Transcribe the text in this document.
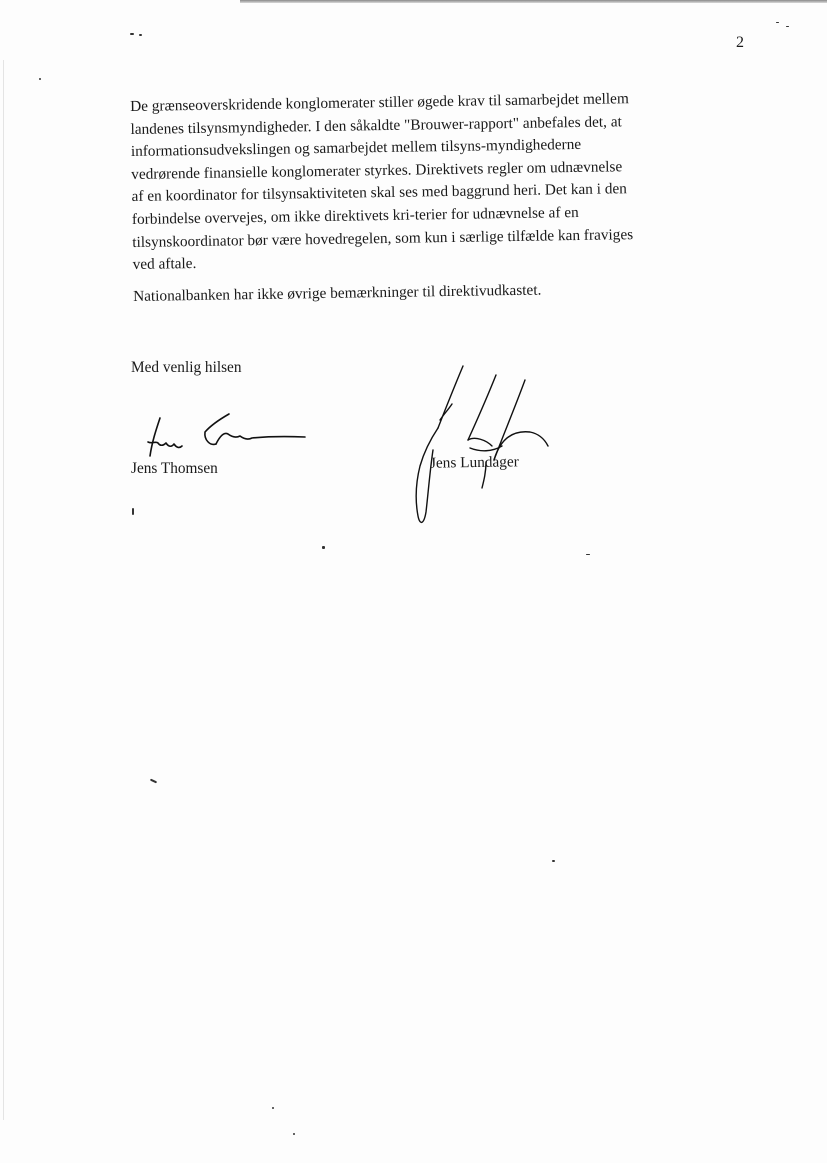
2

De grænseoverskridende konglomerater stiller øgede krav til samarbejdet mellem landenes tilsynsmyndigheder. I den såkaldte "Brouwer-rapport" anbefales det, at informationsudvekslingen og samarbejdet mellem tilsyns-myndighederne vedrørende finansielle konglomerater styrkes. Direktivets regler om udnævnelse af en koordinator for tilsynsaktiviteten skal ses med baggrund heri. Det kan i den forbindelse overvejes, om ikke direktivets kri-terier for udnævnelse af en tilsynskoordinator bør være hovedregelen, som kun i særlige tilfælde kan fraviges ved aftale.

Nationalbanken har ikke øvrige bemærkninger til direktivudkastet.

Med venlig hilsen
Jens Thomsen	Jens Lundager
